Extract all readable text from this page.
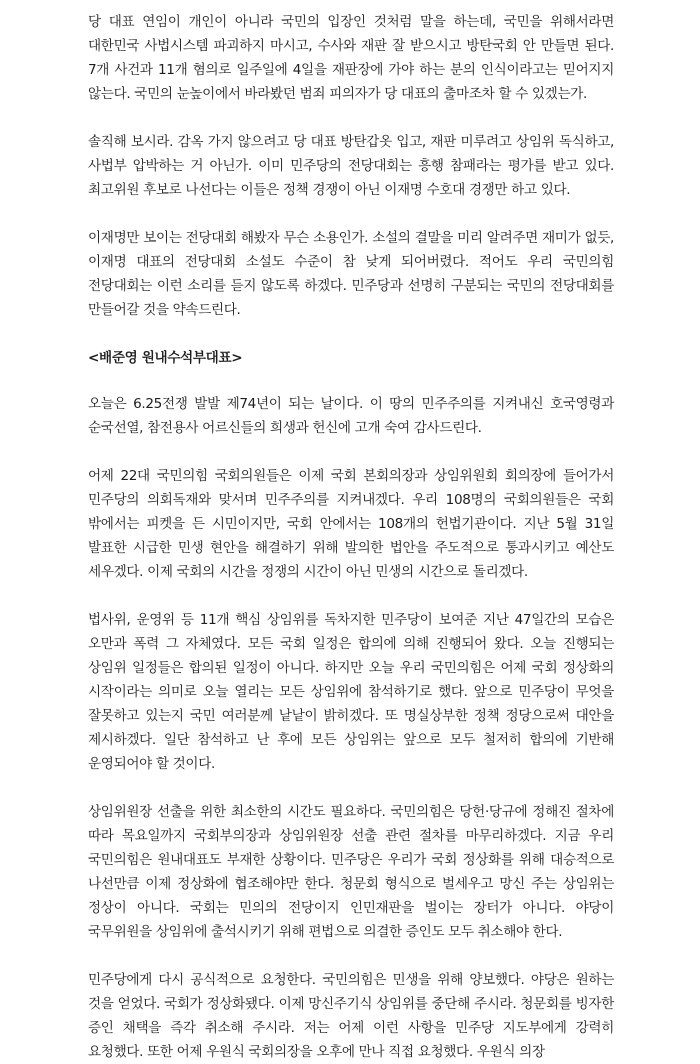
당 대표 연임이 개인이 아니라 국민의 입장인 것처럼 말을 하는데, 국민을 위해서라면 대한민국 사법시스템 파괴하지 마시고, 수사와 재판 잘 받으시고 방탄국회 안 만들면 된다. 7개 사건과 11개 혐의로 일주일에 4일을 재판장에 가야 하는 분의 인식이라고는 믿어지지 않는다. 국민의 눈높이에서 바라봤던 범죄 피의자가 당 대표의 출마조차 할 수 있겠는가.

솔직해 보시라. 감옥 가지 않으려고 당 대표 방탄갑옷 입고, 재판 미루려고 상임위 독식하고, 사법부 압박하는 거 아닌가. 이미 민주당의 전당대회는 흥행 참패라는 평가를 받고 있다. 최고위원 후보로 나선다는 이들은 정책 경쟁이 아닌 이재명 수호대 경쟁만 하고 있다.

이재명만 보이는 전당대회 해봤자 무슨 소용인가. 소설의 결말을 미리 알려주면 재미가 없듯, 이재명 대표의 전당대회 소설도 수준이 참 낮게 되어버렸다. 적어도 우리 국민의힘 전당대회는 이런 소리를 듣지 않도록 하겠다. 민주당과 선명히 구분되는 국민의 전당대회를 만들어갈 것을 약속드린다.

<배준영 원내수석부대표>

오늘은 6.25전쟁 발발 제74년이 되는 날이다. 이 땅의 민주주의를 지켜내신 호국영령과 순국선열, 참전용사 어르신들의 희생과 헌신에 고개 숙여 감사드린다.

어제 22대 국민의힘 국회의원들은 이제 국회 본회의장과 상임위원회 회의장에 들어가서 민주당의 의회독재와 맞서며 민주주의를 지켜내겠다. 우리 108명의 국회의원들은 국회 밖에서는 피켓을 든 시민이지만, 국회 안에서는 108개의 헌법기관이다. 지난 5월 31일 발표한 시급한 민생 현안을 해결하기 위해 발의한 법안을 주도적으로 통과시키고 예산도 세우겠다. 이제 국회의 시간을 정쟁의 시간이 아닌 민생의 시간으로 돌리겠다.

법사위, 운영위 등 11개 핵심 상임위를 독차지한 민주당이 보여준 지난 47일간의 모습은 오만과 폭력 그 자체였다. 모든 국회 일정은 합의에 의해 진행되어 왔다. 오늘 진행되는 상임위 일정들은 합의된 일정이 아니다. 하지만 오늘 우리 국민의힘은 어제 국회 정상화의 시작이라는 의미로 오늘 열리는 모든 상임위에 참석하기로 했다. 앞으로 민주당이 무엇을 잘못하고 있는지 국민 여러분께 낱낱이 밝히겠다. 또 명실상부한 정책 정당으로써 대안을 제시하겠다. 일단 참석하고 난 후에 모든 상임위는 앞으로 모두 철저히 합의에 기반해 운영되어야 할 것이다.

상임위원장 선출을 위한 최소한의 시간도 필요하다. 국민의힘은 당헌·당규에 정해진 절차에 따라 목요일까지 국회부의장과 상임위원장 선출 관련 절차를 마무리하겠다. 지금 우리 국민의힘은 원내대표도 부재한 상황이다. 민주당은 우리가 국회 정상화를 위해 대승적으로 나선만큼 이제 정상화에 협조해야만 한다. 청문회 형식으로 벌세우고 망신 주는 상임위는 정상이 아니다. 국회는 민의의 전당이지 인민재판을 벌이는 장터가 아니다. 야당이 국무위원을 상임위에 출석시키기 위해 편법으로 의결한 증인도 모두 취소해야 한다.

민주당에게 다시 공식적으로 요청한다. 국민의힘은 민생을 위해 양보했다. 야당은 원하는 것을 얻었다. 국회가 정상화됐다. 이제 망신주기식 상임위를 중단해 주시라. 청문회를 빙자한 증인 채택을 즉각 취소해 주시라. 저는 어제 이런 사항을 민주당 지도부에게 강력히 요청했다. 또한 어제 우원식 국회의장을 오후에 만나 직접 요청했다. 우원식 의장
